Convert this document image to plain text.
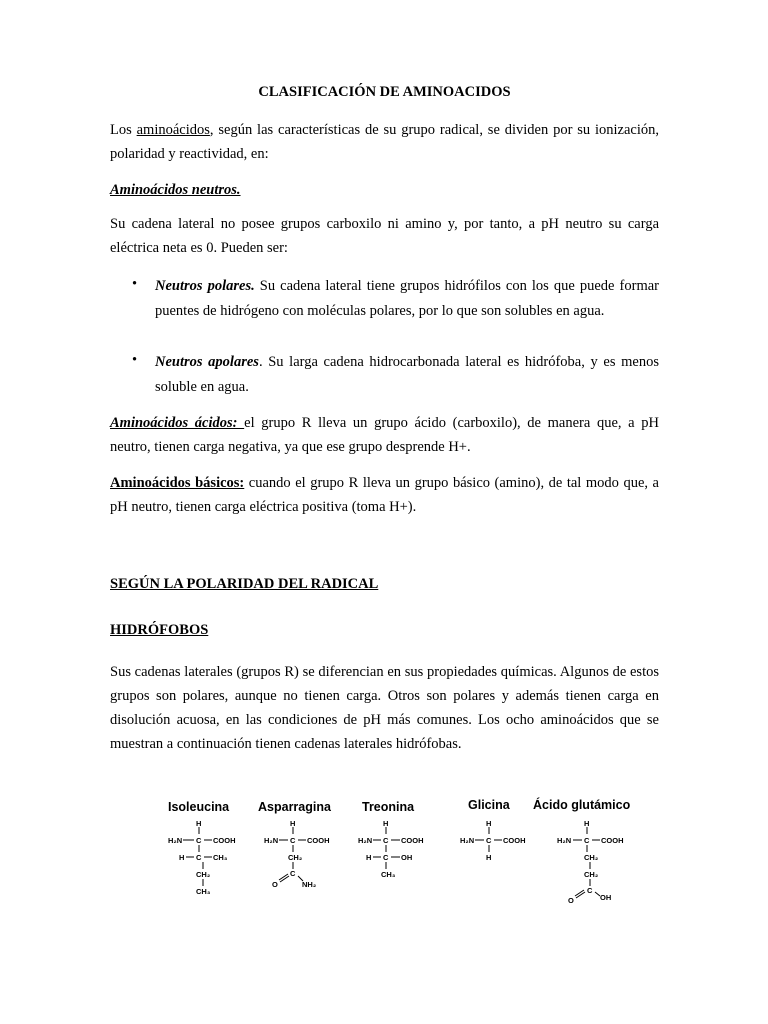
CLASIFICACIÓN DE AMINOACIDOS

Los aminoácidos, según las características de su grupo radical, se dividen por su ionización, polaridad y reactividad, en:

Aminoácidos neutros.

Su cadena lateral no posee grupos carboxilo ni amino y, por tanto, a pH neutro su carga eléctrica neta es 0. Pueden ser:

• Neutros polares. Su cadena lateral tiene grupos hidrófilos con los que puede formar puentes de hidrógeno con moléculas polares, por lo que son solubles en agua.

• Neutros apolares. Su larga cadena hidrocarbonada lateral es hidrófoba, y es menos soluble en agua.

Aminoácidos ácidos: el grupo R lleva un grupo ácido (carboxilo), de manera que, a pH neutro, tienen carga negativa, ya que ese grupo desprende H+.

Aminoácidos básicos: cuando el grupo R lleva un grupo básico (amino), de tal modo que, a pH neutro, tienen carga eléctrica positiva (toma H+).

SEGÚN LA POLARIDAD DEL RADICAL
HIDRÓFOBOS

Sus cadenas laterales (grupos R) se diferencian en sus propiedades químicas. Algunos de estos grupos son polares, aunque no tienen carga. Otros son polares y además tienen carga en disolución acuosa, en las condiciones de pH más comunes. Los ocho aminoácidos que se muestran a continuación tienen cadenas laterales hidrófobas.

Isoleucina Asparragina Treonina	Glicina Ácido glutámico
H
H₂N C COOH
H C CH₃
CH₂
CH₃
H
H₂N C COOH
CH₂
C
O	NH₂
H
H₂N C COOH
H C OH
CH₃
H
H₂N C COOH
H
H
H₂N C COOH
CH₂
CH₂
C
O	OH
